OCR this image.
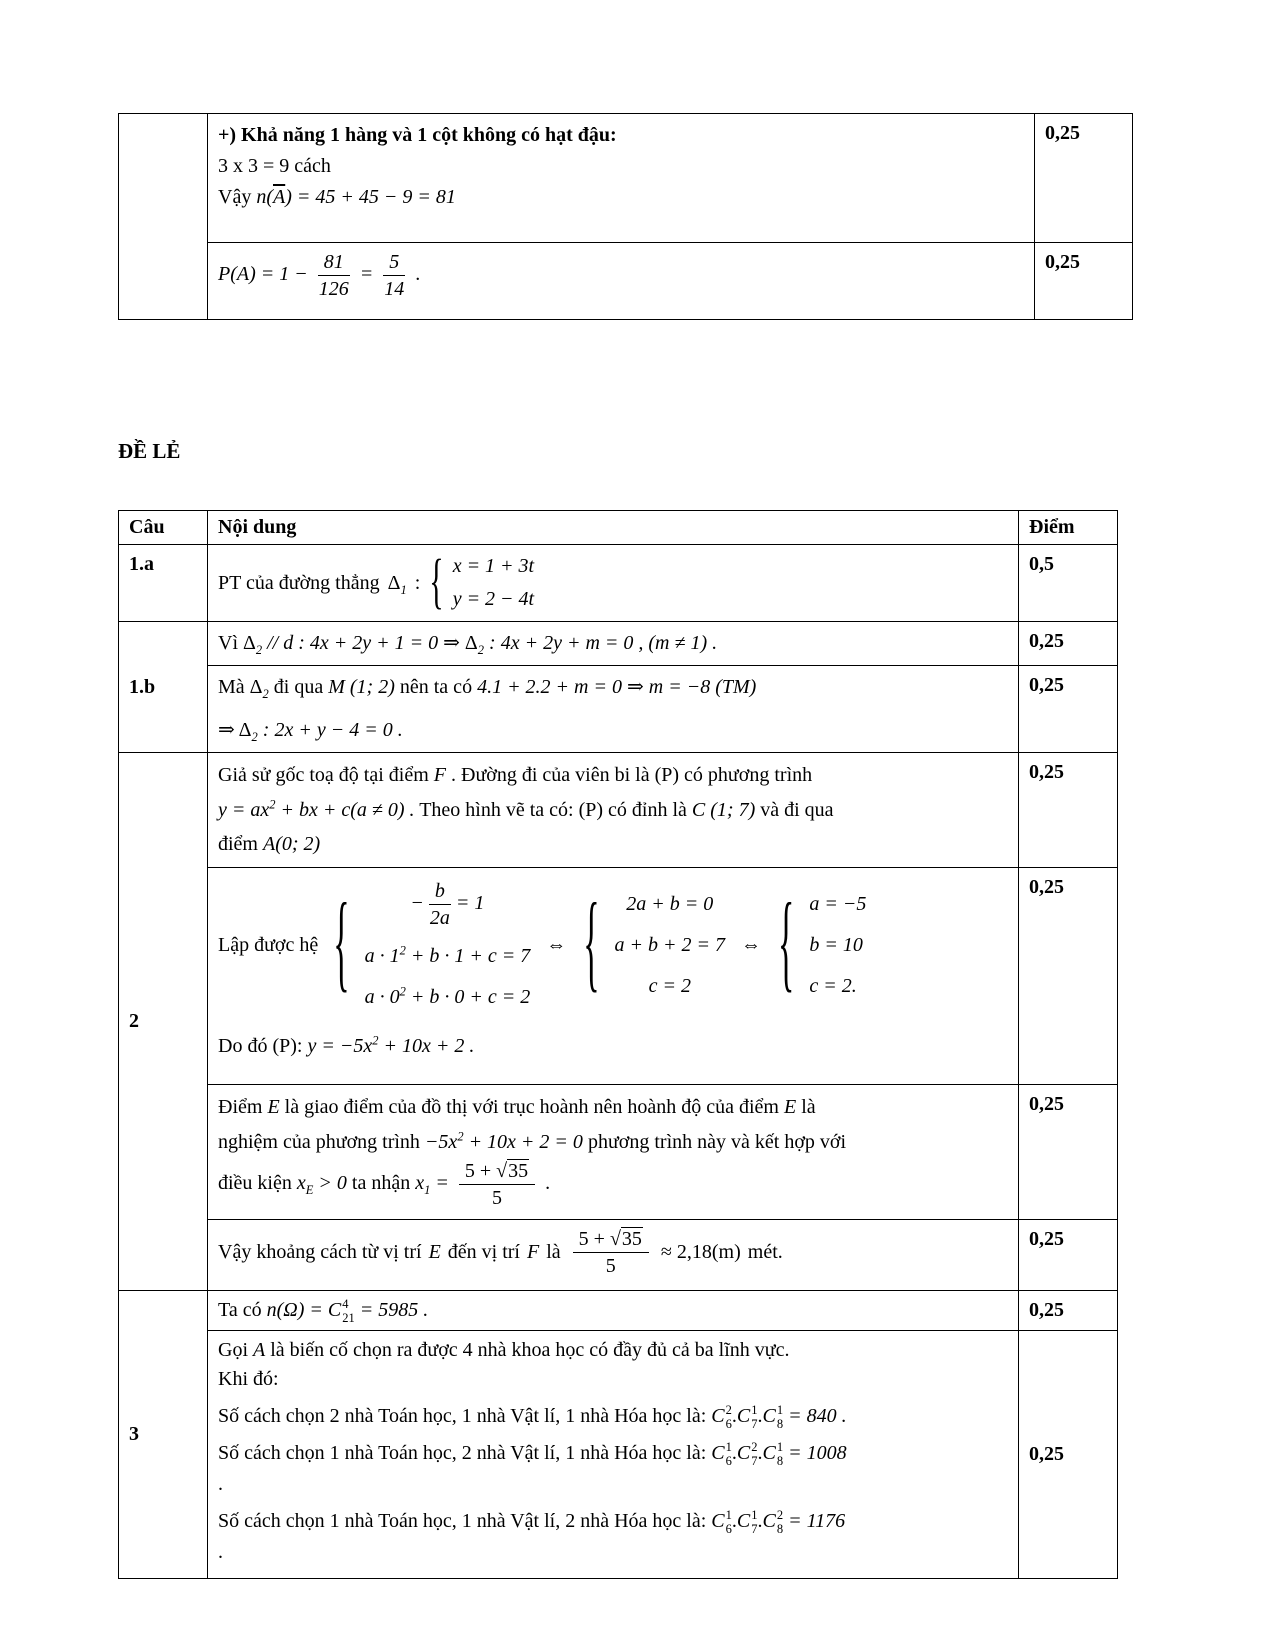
	+) Khả năng 1 hàng và 1 cột không có hạt đậu:
3 x 3 = 9 cách
Vậy $n(\overline{A}) = 45 + 45 - 9 = 81$	0,25

$P(A) = 1 - \frac{81}{126} = \frac{5}{14}$ .
	0,25
ĐỀ LẺ
Câu	Nội dung	Điểm
1.a	
PT của đường thẳng $\Delta_1$ : { x = 1 + 3t
y = 2 − 4t
	0,5
1.b	Vì $\Delta_2$ // d : 4x + 2y + 1 = 0 ⇒ $\Delta_2$ : 4x + 2y + m = 0 , (m ≠ 1) .	0,25

	Mà $\Delta_2$ đi qua M (1; 2) nên ta có 4.1 + 2.2 + m = 0 ⇒ m = −8 (TM)
⇒ $\Delta_2$ : 2x + y − 4 = 0 .	0,25
2	Giả sử gốc toạ độ tại điểm F . Đường đi của viên bi là (P) có phương trình
$y = ax^2$ + bx + c(a ≠ 0) . Theo hình vẽ ta có: (P) có đỉnh là C (1; 7) và đi qua
điểm A(0; 2)	0,25

Lập được hệ {	− $\frac{b}{2a} = 1$
$a \cdot 1^2 + b \cdot 1 + c = 7$
$a \cdot 0^2 + b \cdot 0 + c = 2$
⇔ { 2a + b = 0
a + b + 2 = 7
c = 2
⇔ { a = −5
b = 10
c = 2.
Do đó (P): $y = -5x^2 + 10x + 2$ .
	0,25

Điểm E là giao điểm của đồ thị với trục hoành nên hoành độ của điểm E là
nghiệm của phương trình $-5x^2 + 10x + 2 = 0$ phương trình này và kết hợp với
điều kiện $x_E > 0$ ta nhận $x_1 = \frac{5 + √35}{5}$ .
	0,25

Vậy khoảng cách từ vị trí E đến vị trí F là $\frac{5 + √35}{5} \approx 2,18(m)$ mét.
	0,25
3	Ta có n(Ω) = C 4
21 = 5985 .	0,25

Gọi A là biến cố chọn ra được 4 nhà khoa học có đầy đủ cả ba lĩnh vực.
Khi đó:
Số cách chọn 2 nhà Toán học, 1 nhà Vật lí, 1 nhà Hóa học là: C 2
6 . C 1
7 . C 1
8 = 840 .
Số cách chọn 1 nhà Toán học, 2 nhà Vật lí, 1 nhà Hóa học là: C 1
6 . C 2
7 . C 1
8 = 1008
.
Số cách chọn 1 nhà Toán học, 1 nhà Vật lí, 2 nhà Hóa học là: C 1
6 . C 1
7 . C 2
8 = 1176
.
	0,25
